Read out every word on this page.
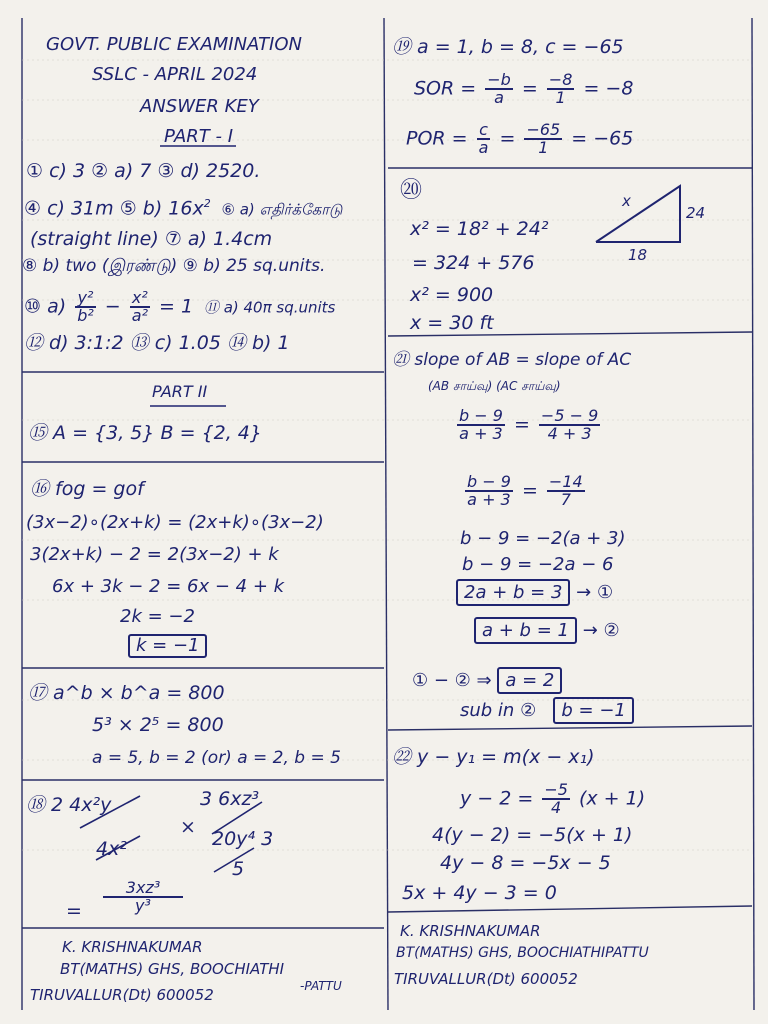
GOVT. PUBLIC EXAMINATION
SSLC - APRIL 2024
ANSWER KEY
PART - I
① c) 3 ② a) 7 ③ d) 2520.
④ c) 31m ⑤ b) $16x^2$  ⑥ a) எதிர்க்கோடு
(straight line) ⑦ a) 1.4cm
⑧ b) two (இரண்டு) ⑨ b) 25 sq.units.
⑩ $a) \frac{\text{y²}}{\text{b²}} - \frac{\text{x²}}{\text{a²}} = 1$ ⑪ a) 40π sq.units
⑫ d) 3:1:2 ⑬ c) 1.05 ⑭ b) 1
PART II
⑮ A = {3, 5} B = {2, 4}
⑯ fog = gof
(3x−2)∘(2x+k) = (2x+k)∘(3x−2)
3(2x+k) − 2 = 2(3x−2) + k
6x + 3k − 2 = 6x − 4 + k
2k = −2
k = −1
⑰ a^b × b^a = 800
5³ × 2⁵ = 800
a = 5, b = 2 (or) a = 2, b = 5
⑱ 2 4x²y
×
3 6xz³
4x²	20y⁴ 3
5
= $\frac{\text{3xz³}}{\text{y³}}$
K. KRISHNAKUMAR
BT(MATHS) GHS, BOOCHIATHI
-PATTU
TIRUVALLUR(Dt) 600052
⑲ a = 1, b = 8, c = −65
SOR = $\frac{-b}{a} = \frac{-8}{1} = -8$
POR = $\frac{c}{a} = \frac{-65}{1} = -65$
⑳
x² = 18² + 24²
= 324 + 576
x² = 900
x = 30 ft
x
24
18
㉑ slope of AB = slope of AC
(AB சாய்வு) (AC சாய்வு)
$\frac{b - 9}{a + 3} = \frac{-5 - 9}{4 + 3}$
$\frac{b - 9}{a + 3} = \frac{-14}{7}$
b − 9 = −2(a + 3)
b − 9 = −2a − 6
2a + b = 3 → ①
a + b = 1 → ②
① − ② ⇒ a = 2
sub in ② b = −1
㉒ y − y₁ = m(x − x₁)
$y - 2 = \frac{-5}{4} (x + 1)$
4(y − 2) = −5(x + 1)
4y − 8 = −5x − 5
5x + 4y − 3 = 0
K. KRISHNAKUMAR
BT(MATHS) GHS, BOOCHIATHIPATTU
TIRUVALLUR(Dt) 600052
